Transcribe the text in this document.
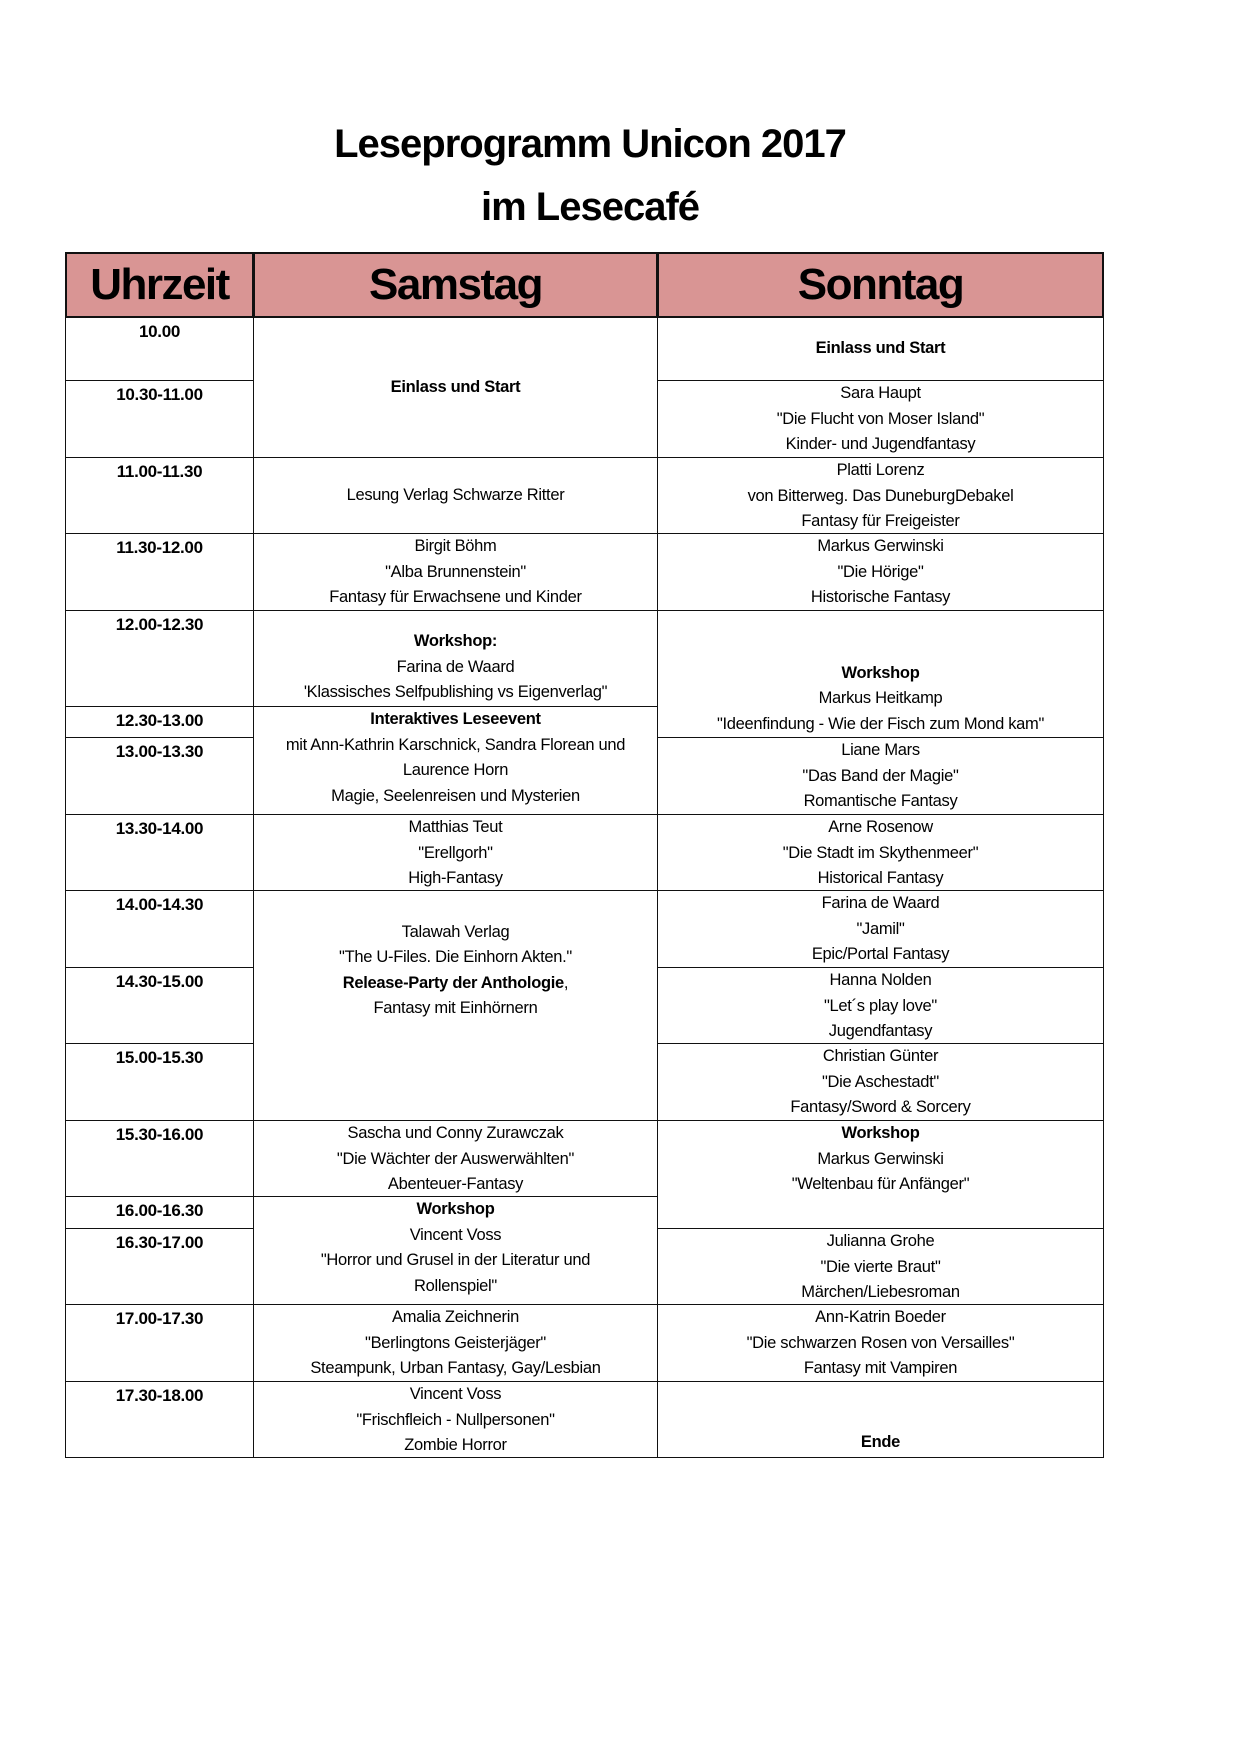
Leseprogramm Unicon 2017
im Lesecafé
Uhrzeit	Samstag	Sonntag
10.00
10.30-11.00
11.00-11.30
11.30-12.00
12.00-12.30
12.30-13.00
13.00-13.30
13.30-14.00
14.00-14.30
14.30-15.00
15.00-15.30
15.30-16.00
16.00-16.30
16.30-17.00
17.00-17.30
17.30-18.00
Einlass und Start
Lesung Verlag Schwarze Ritter
Birgit Böhm
"Alba Brunnenstein"
Fantasy für Erwachsene und Kinder
Workshop:
Farina de Waard
'Klassisches Selfpublishing vs Eigenverlag"
Interaktives Leseevent
mit Ann-Kathrin Karschnick, Sandra Florean und
Laurence Horn
Magie, Seelenreisen und Mysterien
Matthias Teut
"Erellgorh"
High-Fantasy
Talawah Verlag
"The U-Files. Die Einhorn Akten."
Release-Party der Anthologie,
Fantasy mit Einhörnern
Sascha und Conny Zurawczak
"Die Wächter der Auswerwählten"
Abenteuer-Fantasy
Workshop
Vincent Voss
"Horror und Grusel in der Literatur und
Rollenspiel"
Amalia Zeichnerin
"Berlingtons Geisterjäger"
Steampunk, Urban Fantasy, Gay/Lesbian
Vincent Voss
"Frischfleich - Nullpersonen"
Zombie Horror
Einlass und Start
Sara Haupt
"Die Flucht von Moser Island"
Kinder- und Jugendfantasy
Platti Lorenz
von Bitterweg. Das DuneburgDebakel
Fantasy für Freigeister
Markus Gerwinski
"Die Hörige"
Historische Fantasy
Workshop
Markus Heitkamp
"Ideenfindung - Wie der Fisch zum Mond kam"
Liane Mars
"Das Band der Magie"
Romantische Fantasy
Arne Rosenow
"Die Stadt im Skythenmeer"
Historical Fantasy
Farina de Waard
"Jamil"
Epic/Portal Fantasy
Hanna Nolden
"Let´s play love"
Jugendfantasy
Christian Günter
"Die Aschestadt"
Fantasy/Sword & Sorcery
Workshop
Markus Gerwinski
"Weltenbau für Anfänger"
Julianna Grohe
"Die vierte Braut"
Märchen/Liebesroman
Ann-Katrin Boeder
"Die schwarzen Rosen von Versailles"
Fantasy mit Vampiren
Ende
